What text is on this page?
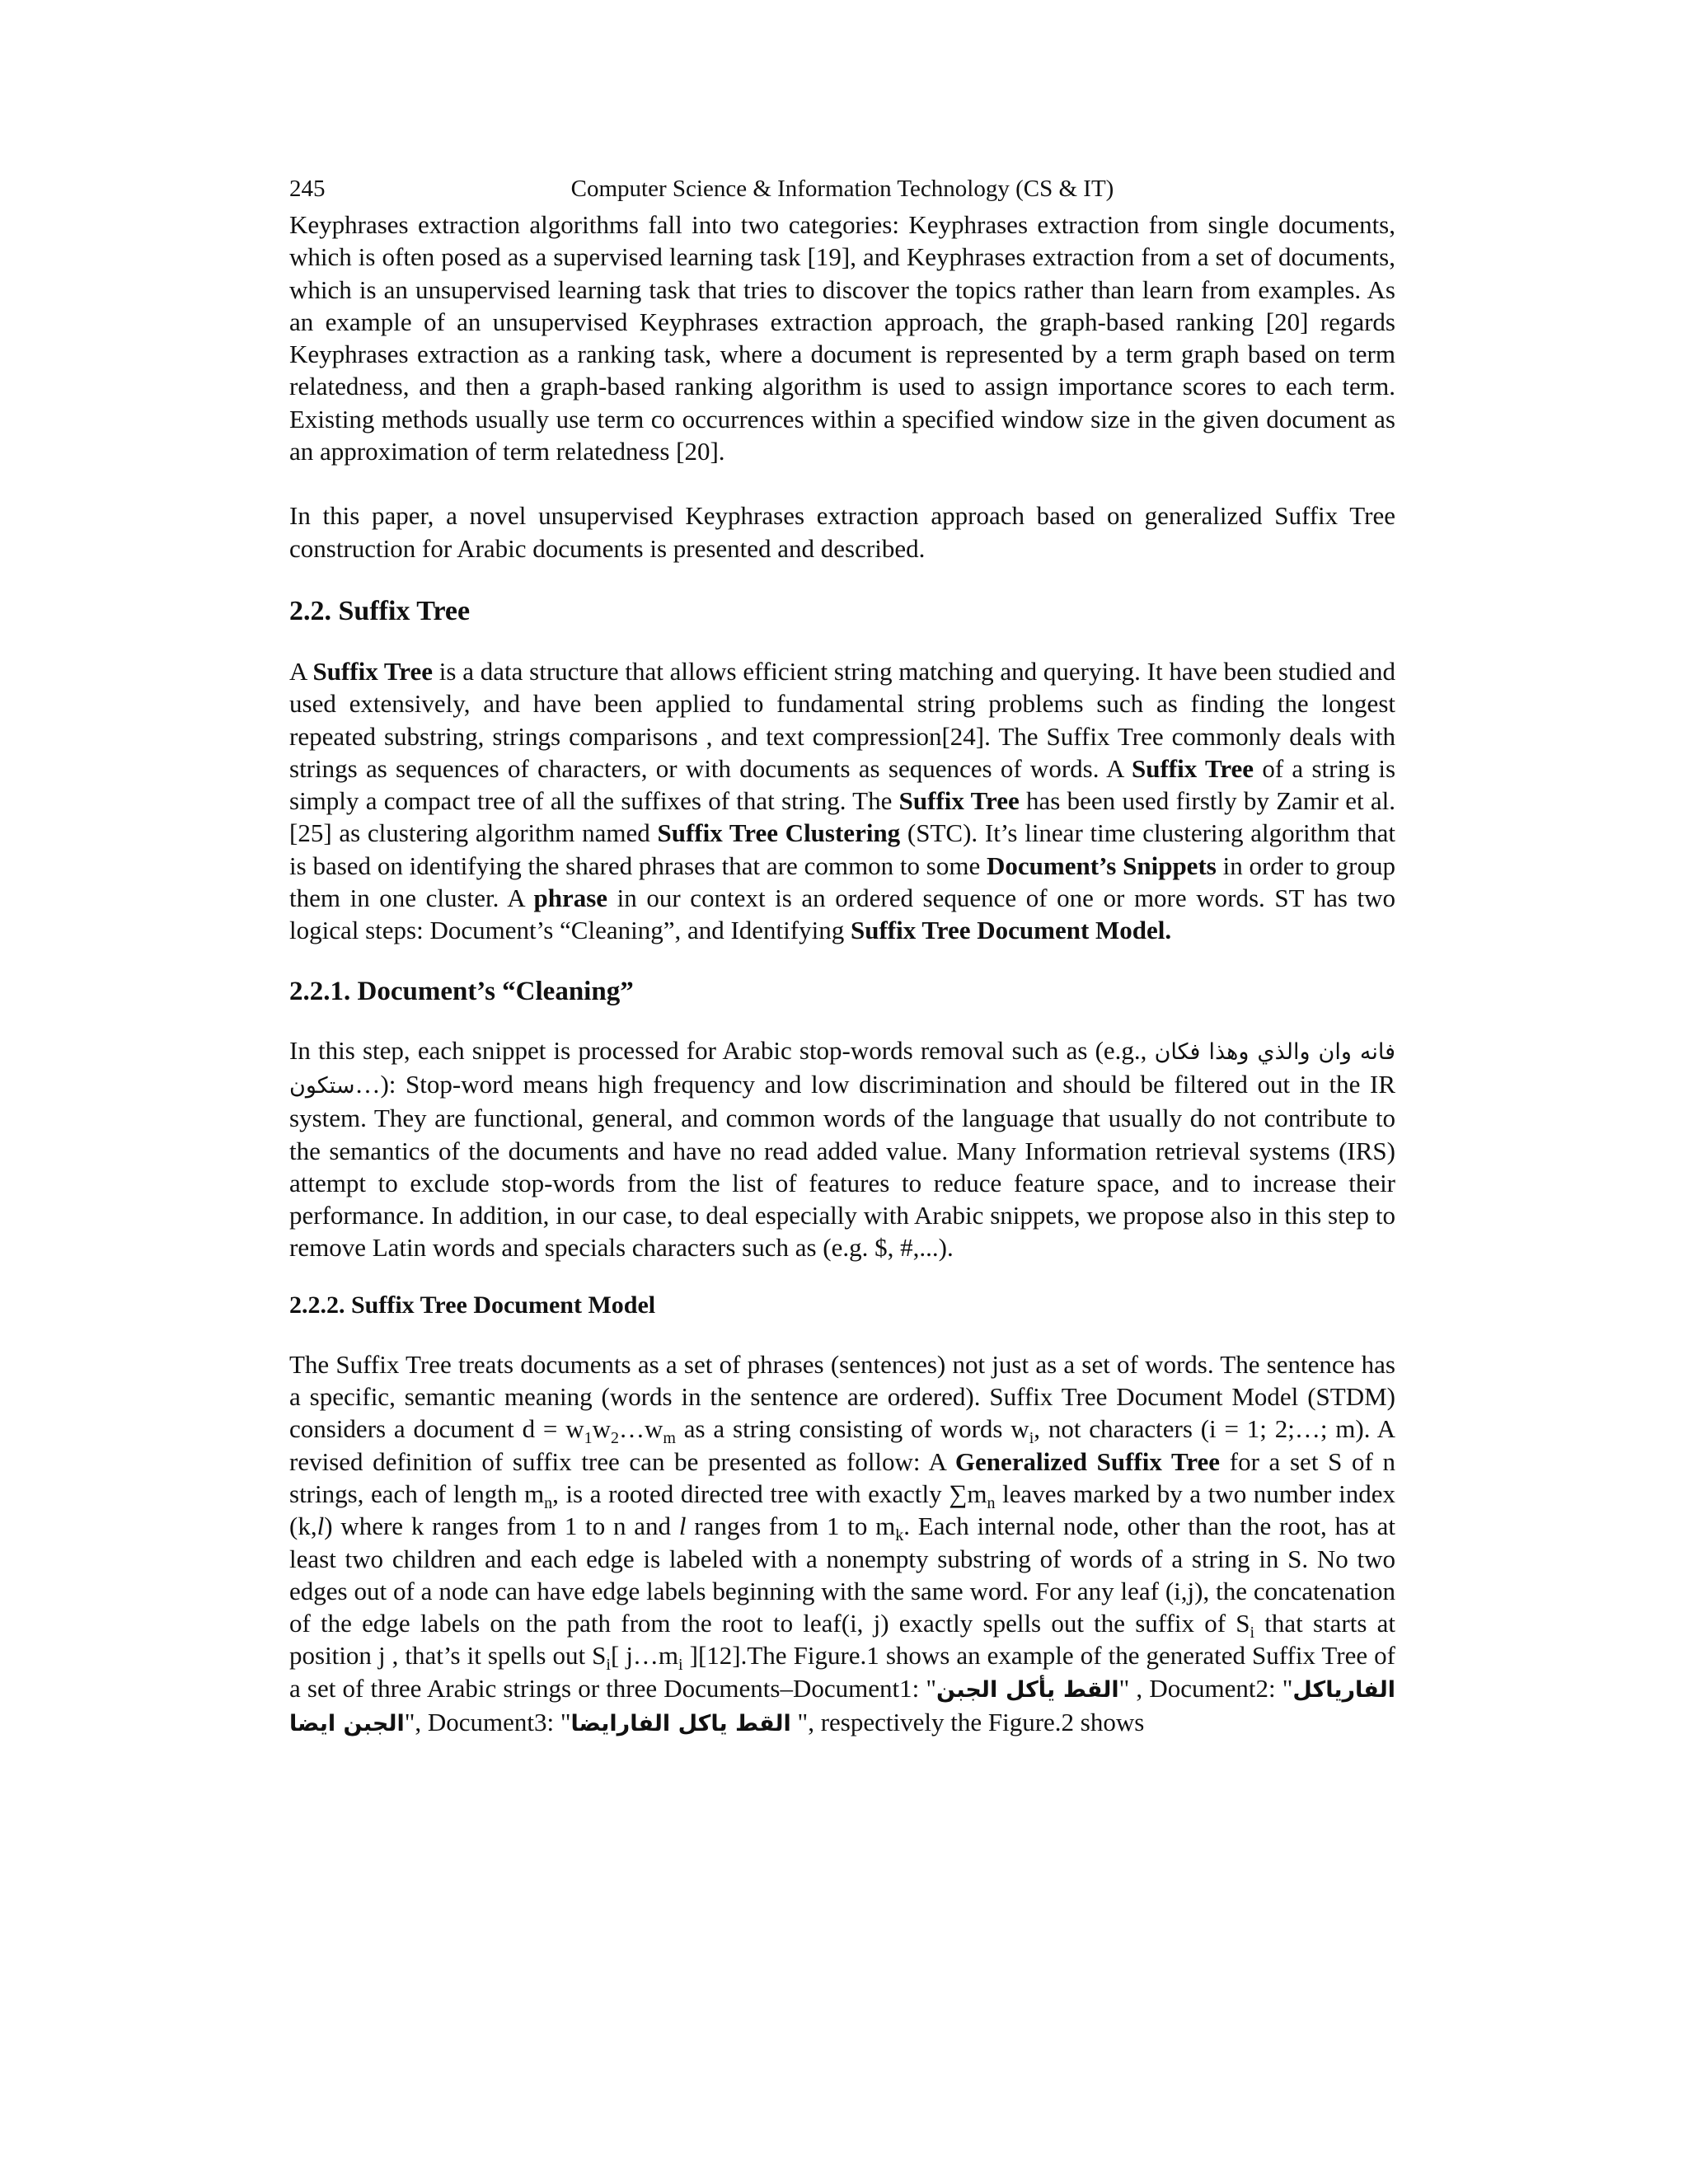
245	Computer Science & Information Technology (CS & IT)

Keyphrases extraction algorithms fall into two categories: Keyphrases extraction from single documents, which is often posed as a supervised learning task [19], and Keyphrases extraction from a set of documents, which is an unsupervised learning task that tries to discover the topics rather than learn from examples. As an example of an unsupervised Keyphrases extraction approach, the graph-based ranking [20] regards Keyphrases extraction as a ranking task, where a document is represented by a term graph based on term relatedness, and then a graph-based ranking algorithm is used to assign importance scores to each term. Existing methods usually use term co occurrences within a specified window size in the given document as an approximation of term relatedness [20].

In this paper, a novel unsupervised Keyphrases extraction approach based on generalized Suffix Tree construction for Arabic documents is presented and described.

2.2. Suffix Tree

A Suffix Tree is a data structure that allows efficient string matching and querying. It have been studied and used extensively, and have been applied to fundamental string problems such as finding the longest repeated substring, strings comparisons , and text compression[24]. The Suffix Tree commonly deals with strings as sequences of characters, or with documents as sequences of words. A Suffix Tree of a string is simply a compact tree of all the suffixes of that string. The Suffix Tree has been used firstly by Zamir et al. [25] as clustering algorithm named Suffix Tree Clustering (STC). It’s linear time clustering algorithm that is based on identifying the shared phrases that are common to some Document’s Snippets in order to group them in one cluster. A phrase in our context is an ordered sequence of one or more words. ST has two logical steps: Document’s “Cleaning”, and Identifying Suffix Tree Document Model.

2.2.1. Document’s “Cleaning”

In this step, each snippet is processed for Arabic stop-words removal such as (e.g., فانه وان والذي وهذا فكان ستكون…): Stop-word means high frequency and low discrimination and should be filtered out in the IR system. They are functional, general, and common words of the language that usually do not contribute to the semantics of the documents and have no read added value. Many Information retrieval systems (IRS) attempt to exclude stop-words from the list of features to reduce feature space, and to increase their performance. In addition, in our case, to deal especially with Arabic snippets, we propose also in this step to remove Latin words and specials characters such as (e.g. $, #,...).

2.2.2. Suffix Tree Document Model

The Suffix Tree treats documents as a set of phrases (sentences) not just as a set of words. The sentence has a specific, semantic meaning (words in the sentence are ordered). Suffix Tree Document Model (STDM) considers a document $d = w_1w_2\dots w_m$ as a string consisting of words $w_i$, not characters (i = 1; 2;…; m). A revised definition of suffix tree can be presented as follow: A Generalized Suffix Tree for a set S of n strings, each of length $m_n$, is a rooted directed tree with exactly $\sum m_n$ leaves marked by a two number index (k,l) where k ranges from 1 to n and l ranges from 1 to $m_k$. Each internal node, other than the root, has at least two children and each edge is labeled with a nonempty substring of words of a string in S. No two edges out of a node can have edge labels beginning with the same word. For any leaf (i,j), the concatenation of the edge labels on the path from the root to leaf(i, j) exactly spells out the suffix of $S_i$ that starts at position j , that’s it spells out $S_i$[ $j\dots m_i$ ][12].The Figure.1 shows an example of the generated Suffix Tree of a set of three Arabic strings or three Documents–Document1: "القط يأكل الجبن" , Document2: "الفارياكل الجبن ايضا", Document3: "القط ياكل الفارايضا ", respectively the Figure.2 shows
